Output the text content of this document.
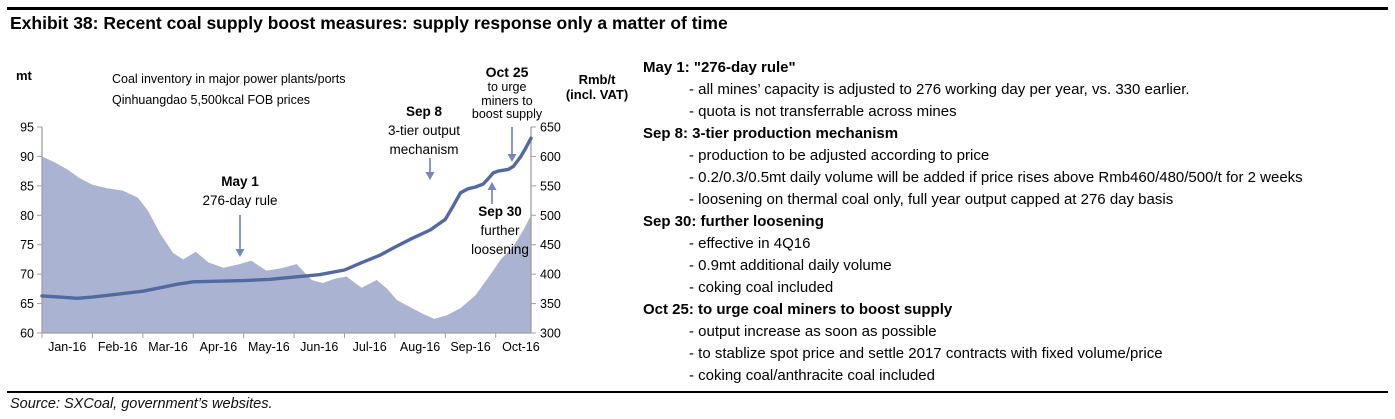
Exhibit 38: Recent coal supply boost measures: supply response only a matter of time
mt	Coal inventory in major power plants/ports
Qinhuangdao 5,500kcal FOB prices
Rmb/t
(incl. VAT)
60
65
70
75
80
85
90
95
300
350
400
450
500
550
600
650
Jan-16 Feb-16 Mar-16 Apr-16 May-16 Jun-16 Jul-16 Aug-16 Sep-16 Oct-16
May 1
276-day rule
Sep 8
3-tier output
mechanism
Oct 25
to urge
miners to
boost supply
Sep 30
further
loosening
May 1: "276-day rule"
- all mines’ capacity is adjusted to 276 working day per year, vs. 330 earlier.
- quota is not transferrable across mines
Sep 8: 3-tier production mechanism
- production to be adjusted according to price
- 0.2/0.3/0.5mt daily volume will be added if price rises above Rmb460/480/500/t for 2 weeks
- loosening on thermal coal only, full year output capped at 276 day basis
Sep 30: further loosening
- effective in 4Q16
- 0.9mt additional daily volume
- coking coal included
Oct 25: to urge coal miners to boost supply
- output increase as soon as possible
- to stablize spot price and settle 2017 contracts with fixed volume/price
- coking coal/anthracite coal included
Source: SXCoal, government’s websites.
